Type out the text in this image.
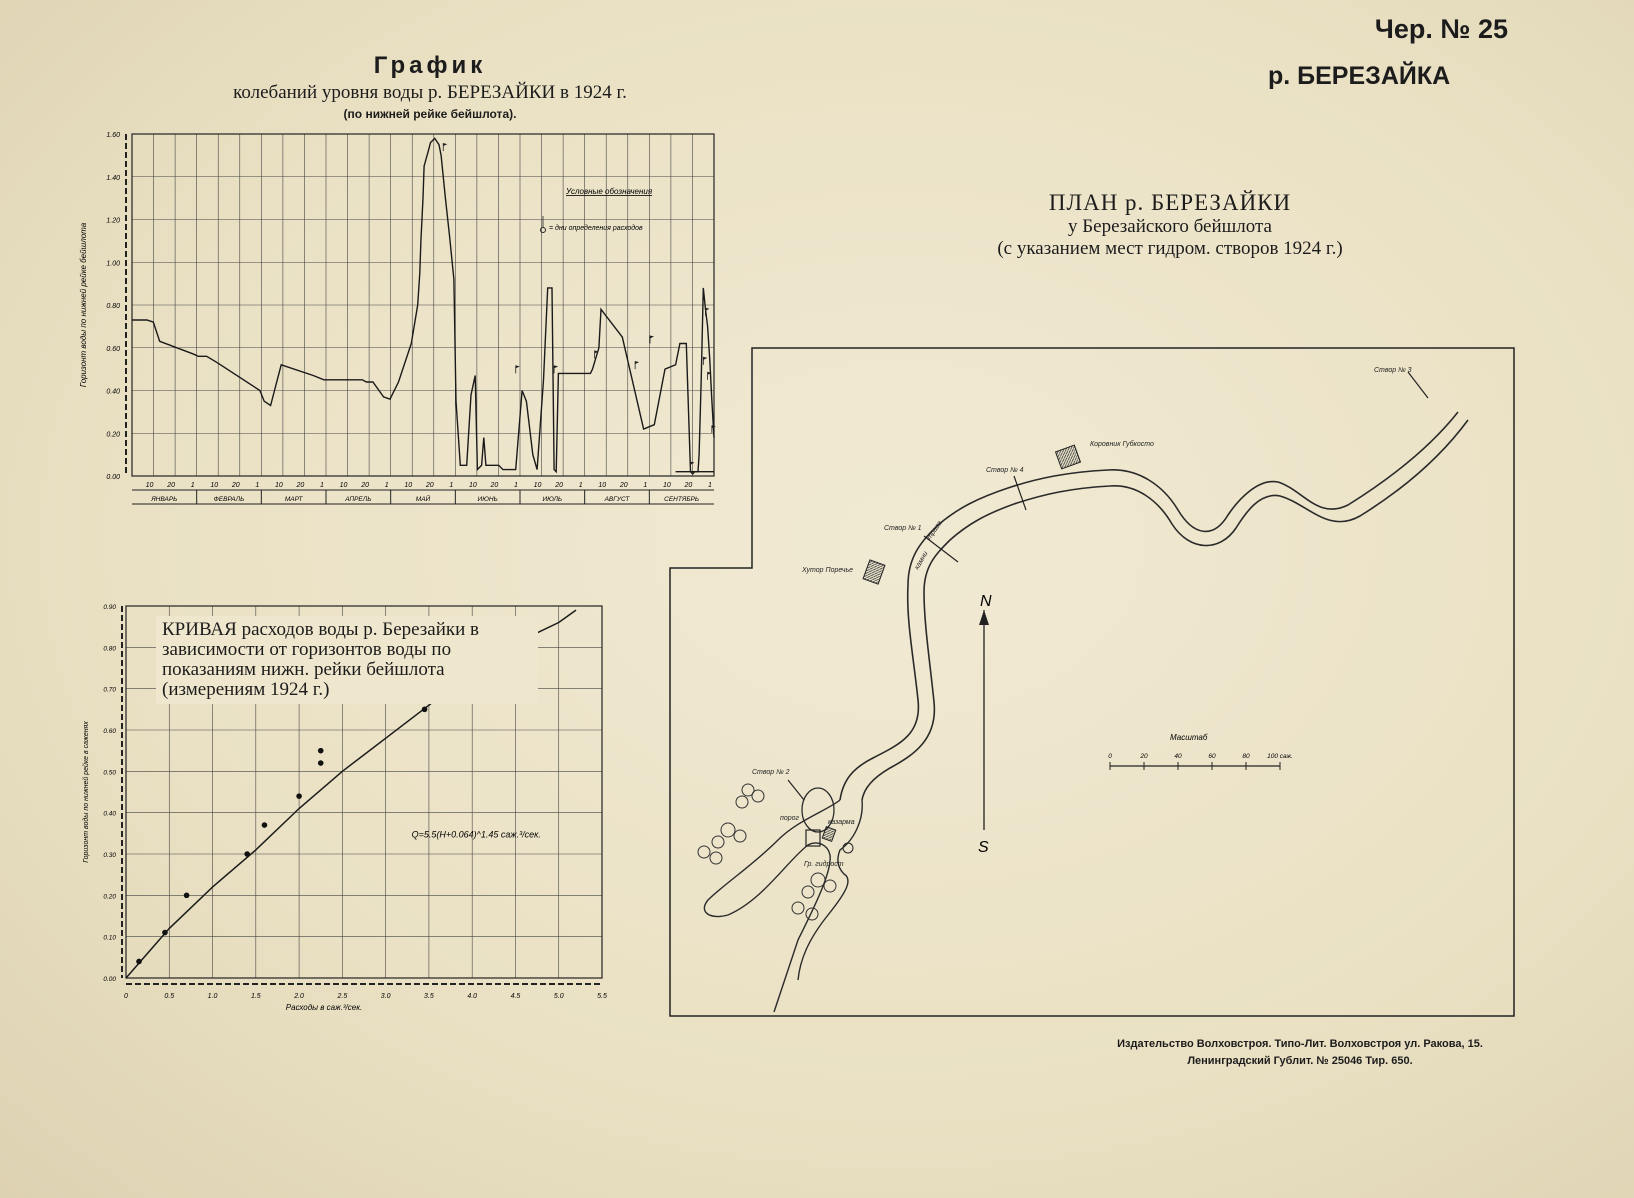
Чер. № 25
р. БЕРЕЗАЙКА
График
колебаний уровня воды р. БЕРЕЗАЙКИ в 1924 г.
(по нижней рейке бейшлота).
ПЛАН р. БЕРЕЗАЙКИ
у Березайского бейшлота
(с указанием мест гидром. створов 1924 г.)
0.00
0.20
0.40
0.60
0.80
1.00
1.20
1.40
1.60
Горизонт воды по нижней рейке бейшлота
10 20 1 10 20 1 10 20 1 10 20 1 10 20 1 10 20 1 10 20 1 10 20 1 10 20 1
ЯНВАРЬ	ФЕВРАЛЬ	МАРТ	АПРЕЛЬ	МАЙ	ИЮНЬ	ИЮЛЬ	АВГУСТ	СЕНТЯБРЬ
Условные обозначения
= дни определения расходов
0.00
0.10
0.20
0.30
0.40
0.50
0.60
0.70
0.80
0.90
0	0.5	1.0	1.5	2.0	2.5	3.0	3.5	4.0	4.5	5.0	5.5
Расходы в саж.³/сек.
Горизонт воды по нижней рейке в саженях	Q=5.5(H+0.064)^1.45 саж.³/сек.
КРИВАЯ расходов воды р. Березайки в зависимости от горизонтов воды по показаниям нижн. рейки бейшлота (измерениям 1924 г.)
N
S
Створ № 3
Створ № 4
Створ № 1
Створ № 2
Коровник Губкосто
Хутор Поречье
казарма
порог
Гр. гидрост
трава
камни
Масштаб
0	20	40	60	80	100 саж.
Издательство Волховстроя. Типо-Лит. Волховстроя ул. Ракова, 15.
Ленинградский Гублит. № 25046 Тир. 650.
